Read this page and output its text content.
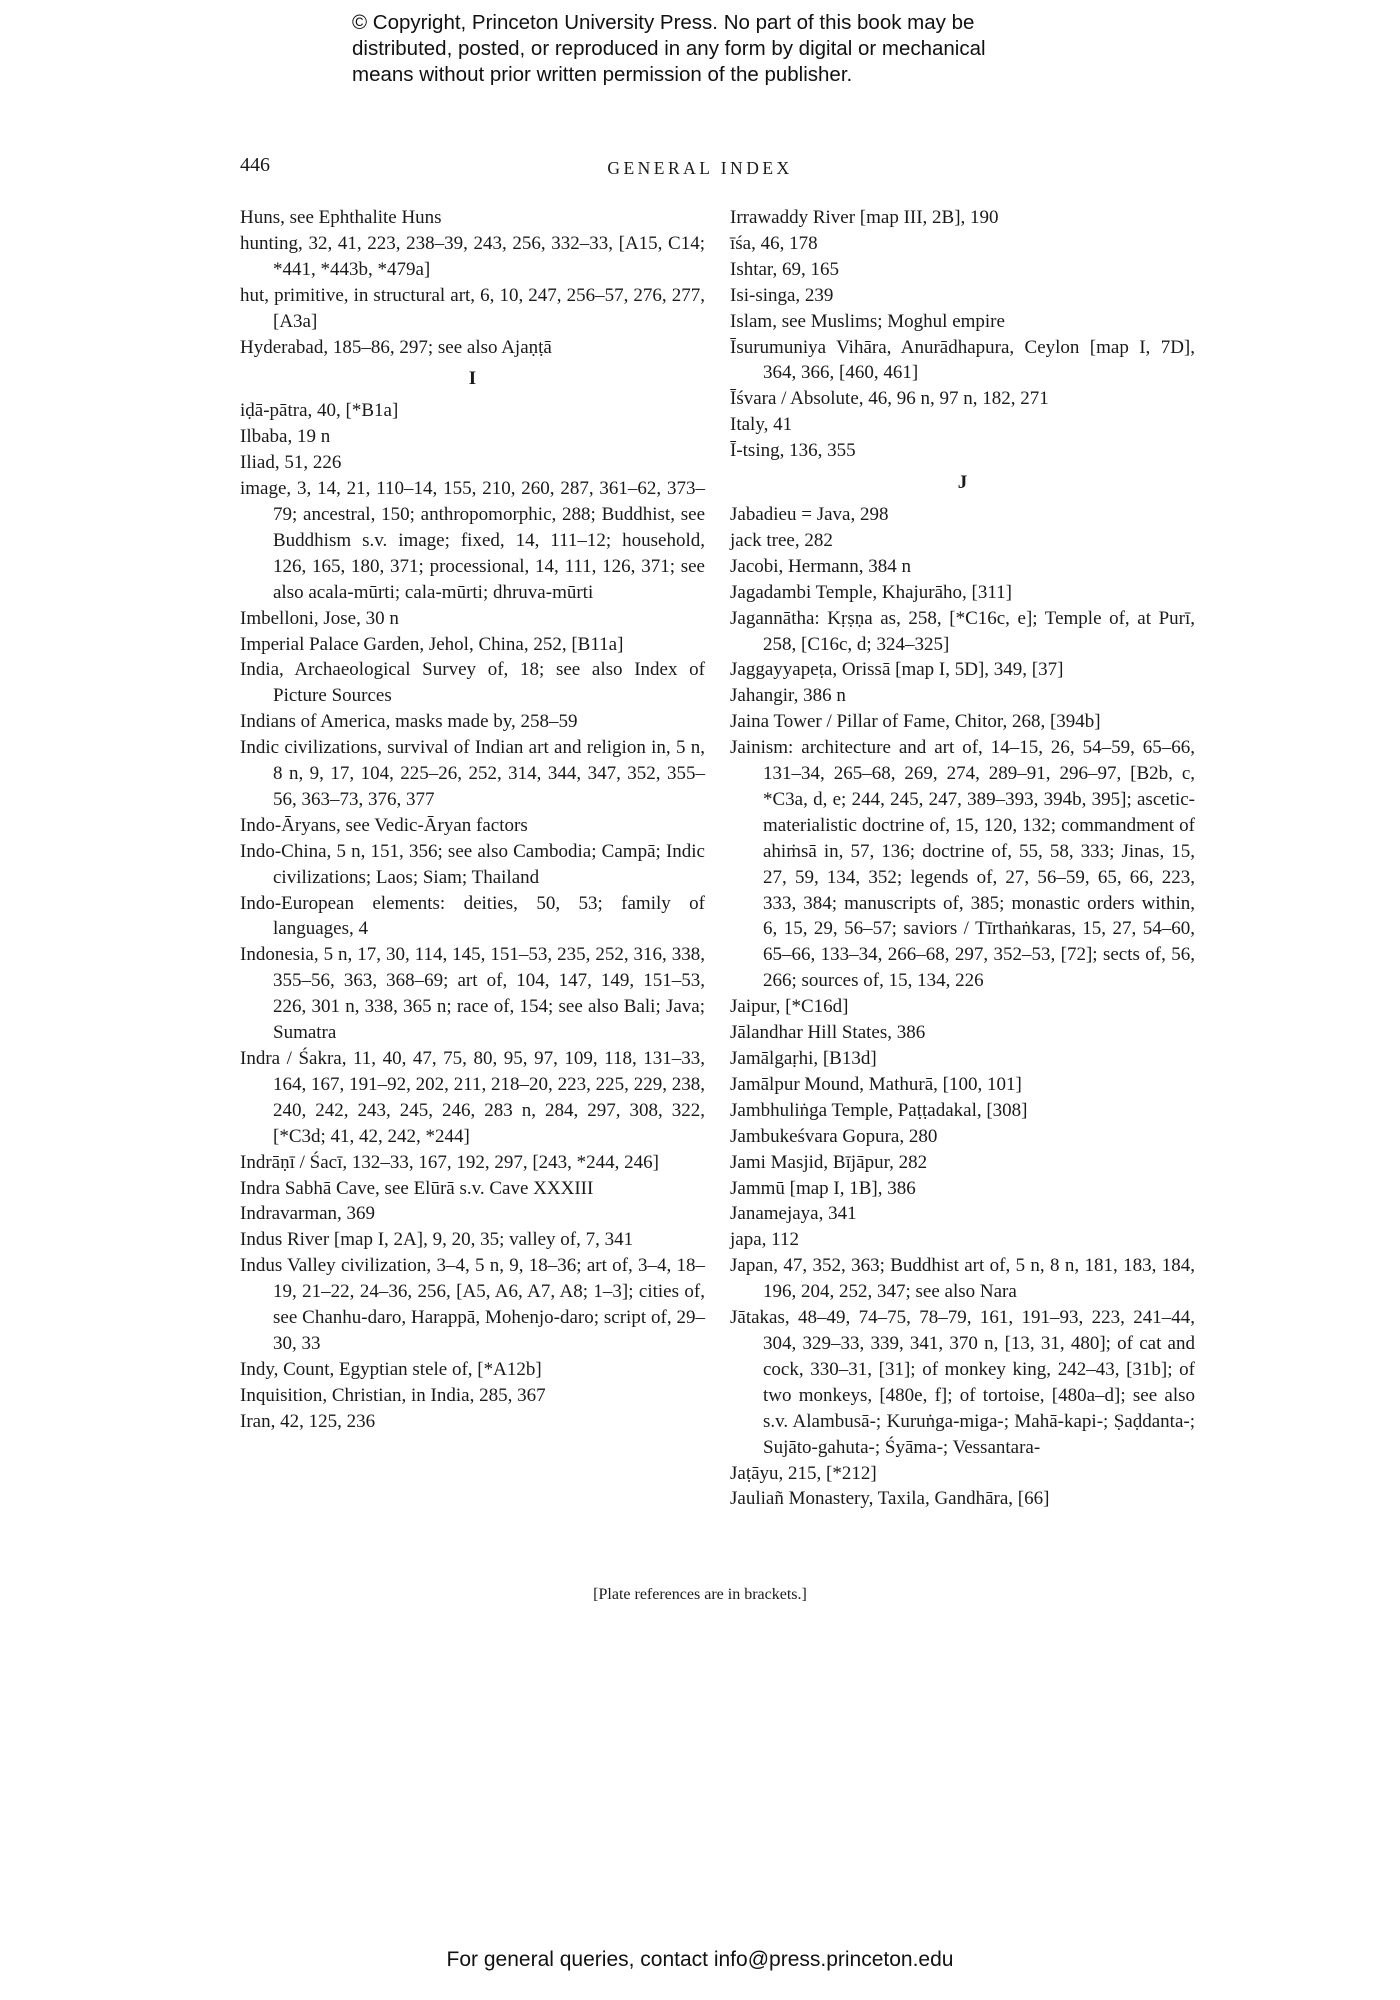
© Copyright, Princeton University Press. No part of this book may be
distributed, posted, or reproduced in any form by digital or mechanical
means without prior written permission of the publisher.
446	GENERAL INDEX
Huns, see Ephthalite Huns
hunting, 32, 41, 223, 238–39, 243, 256, 332–33, [A15, C14; *441, *443b, *479a]
hut, primitive, in structural art, 6, 10, 247, 256–57, 276, 277, [A3a]
Hyderabad, 185–86, 297; see also Ajaṇṭā
I
iḍā-pātra, 40, [*B1a]
Ilbaba, 19 n
Iliad, 51, 226
image, 3, 14, 21, 110–14, 155, 210, 260, 287, 361–62, 373–79; ancestral, 150; anthropomorphic, 288; Buddhist, see Buddhism s.v. image; fixed, 14, 111–12; household, 126, 165, 180, 371; processional, 14, 111, 126, 371; see also acala-mūrti; cala-mūrti; dhruva-mūrti
Imbelloni, Jose, 30 n
Imperial Palace Garden, Jehol, China, 252, [B11a]
India, Archaeological Survey of, 18; see also Index of Picture Sources
Indians of America, masks made by, 258–59
Indic civilizations, survival of Indian art and religion in, 5 n, 8 n, 9, 17, 104, 225–26, 252, 314, 344, 347, 352, 355–56, 363–73, 376, 377
Indo-Āryans, see Vedic-Āryan factors
Indo-China, 5 n, 151, 356; see also Cambodia; Campā; Indic civilizations; Laos; Siam; Thailand
Indo-European elements: deities, 50, 53; family of languages, 4
Indonesia, 5 n, 17, 30, 114, 145, 151–53, 235, 252, 316, 338, 355–56, 363, 368–69; art of, 104, 147, 149, 151–53, 226, 301 n, 338, 365 n; race of, 154; see also Bali; Java; Sumatra
Indra / Śakra, 11, 40, 47, 75, 80, 95, 97, 109, 118, 131–33, 164, 167, 191–92, 202, 211, 218–20, 223, 225, 229, 238, 240, 242, 243, 245, 246, 283 n, 284, 297, 308, 322, [*C3d; 41, 42, 242, *244]
Indrāṇī / Śacī, 132–33, 167, 192, 297, [243, *244, 246]
Indra Sabhā Cave, see Elūrā s.v. Cave XXXIII
Indravarman, 369
Indus River [map I, 2A], 9, 20, 35; valley of, 7, 341
Indus Valley civilization, 3–4, 5 n, 9, 18–36; art of, 3–4, 18–19, 21–22, 24–36, 256, [A5, A6, A7, A8; 1–3]; cities of, see Chanhu-daro, Harappā, Mohenjo-daro; script of, 29–30, 33
Indy, Count, Egyptian stele of, [*A12b]
Inquisition, Christian, in India, 285, 367
Iran, 42, 125, 236
Irrawaddy River [map III, 2B], 190
īśa, 46, 178
Ishtar, 69, 165
Isi-singa, 239
Islam, see Muslims; Moghul empire
Īsurumuniya Vihāra, Anurādhapura, Ceylon [map I, 7D], 364, 366, [460, 461]
Īśvara / Absolute, 46, 96 n, 97 n, 182, 271
Italy, 41
Ī-tsing, 136, 355
J
Jabadieu = Java, 298
jack tree, 282
Jacobi, Hermann, 384 n
Jagadambi Temple, Khajurāho, [311]
Jagannātha: Kṛṣṇa as, 258, [*C16c, e]; Temple of, at Purī, 258, [C16c, d; 324–325]
Jaggayyapeṭa, Orissā [map I, 5D], 349, [37]
Jahangir, 386 n
Jaina Tower / Pillar of Fame, Chitor, 268, [394b]
Jainism: architecture and art of, 14–15, 26, 54–59, 65–66, 131–34, 265–68, 269, 274, 289–91, 296–97, [B2b, c, *C3a, d, e; 244, 245, 247, 389–393, 394b, 395]; ascetic-materialistic doctrine of, 15, 120, 132; commandment of ahiṁsā in, 57, 136; doctrine of, 55, 58, 333; Jinas, 15, 27, 59, 134, 352; legends of, 27, 56–59, 65, 66, 223, 333, 384; manuscripts of, 385; monastic orders within, 6, 15, 29, 56–57; saviors / Tīrthaṅkaras, 15, 27, 54–60, 65–66, 133–34, 266–68, 297, 352–53, [72]; sects of, 56, 266; sources of, 15, 134, 226
Jaipur, [*C16d]
Jālandhar Hill States, 386
Jamālgaṛhi, [B13d]
Jamālpur Mound, Mathurā, [100, 101]
Jambhuliṅga Temple, Paṭṭadakal, [308]
Jambukeśvara Gopura, 280
Jami Masjid, Bījāpur, 282
Jammū [map I, 1B], 386
Janamejaya, 341
japa, 112
Japan, 47, 352, 363; Buddhist art of, 5 n, 8 n, 181, 183, 184, 196, 204, 252, 347; see also Nara
Jātakas, 48–49, 74–75, 78–79, 161, 191–93, 223, 241–44, 304, 329–33, 339, 341, 370 n, [13, 31, 480]; of cat and cock, 330–31, [31]; of monkey king, 242–43, [31b]; of two monkeys, [480e, f]; of tortoise, [480a–d]; see also s.v. Alambusā-; Kuruṅga-miga-; Mahā-kapi-; Ṣaḍdanta-; Sujāto-gahuta-; Śyāma-; Vessantara-
Jaṭāyu, 215, [*212]
Jauliañ Monastery, Taxila, Gandhāra, [66]
[Plate references are in brackets.]
For general queries, contact info@press.princeton.edu
